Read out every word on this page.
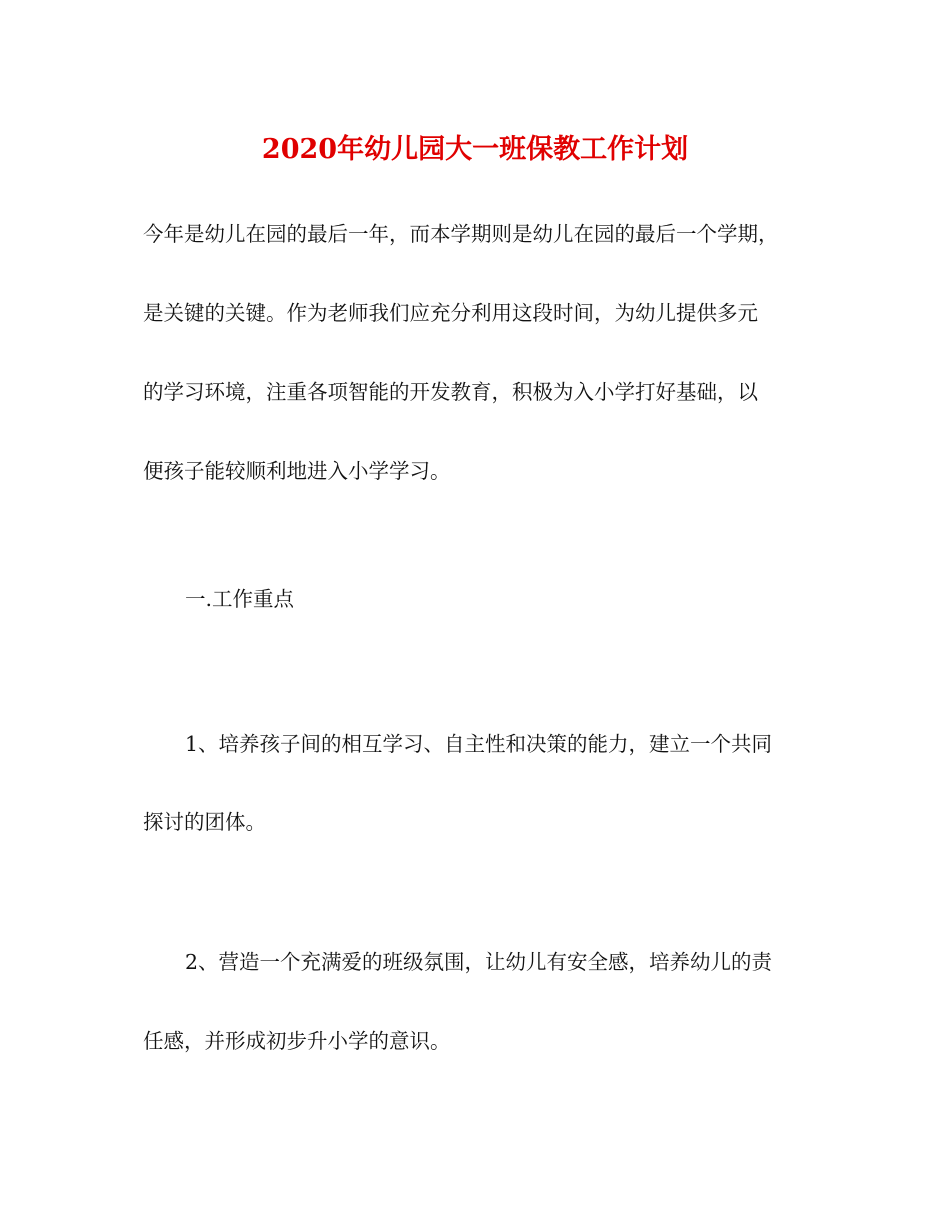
2020年幼儿园大一班保教工作计划
今年是幼儿在园的最后一年，而本学期则是幼儿在园的最后一个学期，
是关键的关键。作为老师我们应充分利用这段时间，为幼儿提供多元
的学习环境，注重各项智能的开发教育，积极为入小学打好基础，以
便孩子能较顺利地进入小学学习。
一.工作重点
1、培养孩子间的相互学习、自主性和决策的能力，建立一个共同
探讨的团体。
2、营造一个充满爱的班级氛围，让幼儿有安全感，培养幼儿的责
任感，并形成初步升小学的意识。
